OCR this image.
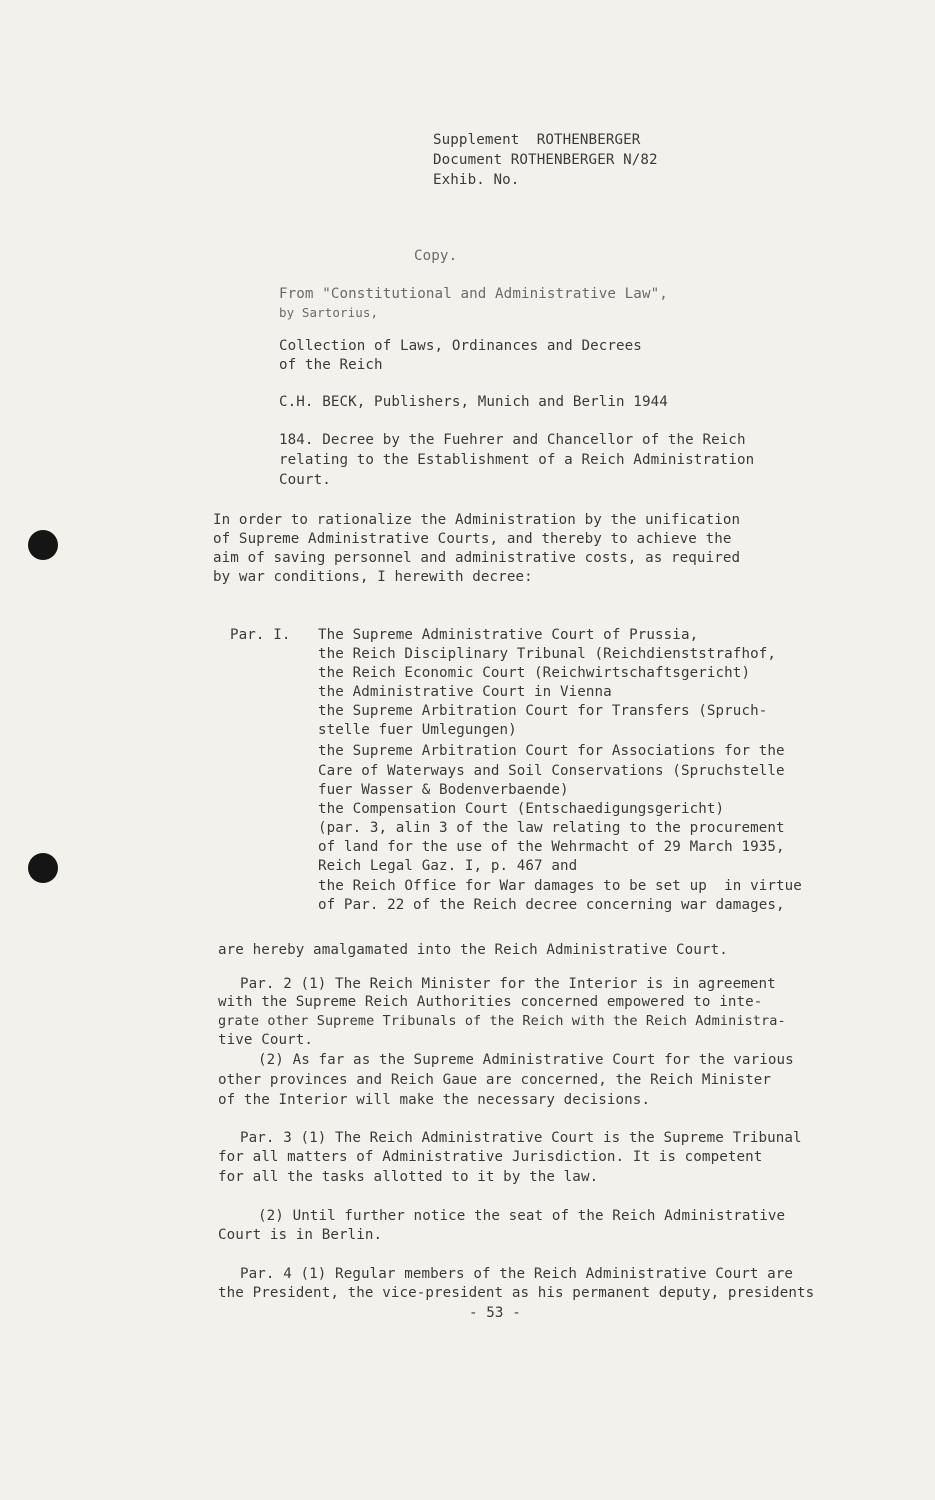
Supplement  ROTHENBERGER
Document ROTHENBERGER N/82
Exhib. No.
Copy.
From "Constitutional and Administrative Law",
by Sartorius,
Collection of Laws, Ordinances and Decrees
of the Reich
C.H. BECK, Publishers, Munich and Berlin 1944
184. Decree by the Fuehrer and Chancellor of the Reich
relating to the Establishment of a Reich Administration
Court.
In order to rationalize the Administration by the unification
of Supreme Administrative Courts, and thereby to achieve the
aim of saving personnel and administrative costs, as required
by war conditions, I herewith decree:
Par. I. The Supreme Administrative Court of Prussia,
the Reich Disciplinary Tribunal (Reichdienststrafhof,
the Reich Economic Court (Reichwirtschaftsgericht)
the Administrative Court in Vienna
the Supreme Arbitration Court for Transfers (Spruch-
stelle fuer Umlegungen)
the Supreme Arbitration Court for Associations for the
Care of Waterways and Soil Conservations (Spruchstelle
fuer Wasser & Bodenverbaende)
the Compensation Court (Entschaedigungsgericht)
(par. 3, alin 3 of the law relating to the procurement
of land for the use of the Wehrmacht of 29 March 1935,
Reich Legal Gaz. I, p. 467 and
the Reich Office for War damages to be set up  in virtue
of Par. 22 of the Reich decree concerning war damages,
are hereby amalgamated into the Reich Administrative Court.
Par. 2 (1) The Reich Minister for the Interior is in agreement
with the Supreme Reich Authorities concerned empowered to inte-
grate other Supreme Tribunals of the Reich with the Reich Administra-
tive Court.
(2) As far as the Supreme Administrative Court for the various
other provinces and Reich Gaue are concerned, the Reich Minister
of the Interior will make the necessary decisions.
Par. 3 (1) The Reich Administrative Court is the Supreme Tribunal
for all matters of Administrative Jurisdiction. It is competent
for all the tasks allotted to it by the law.
(2) Until further notice the seat of the Reich Administrative
Court is in Berlin.
Par. 4 (1) Regular members of the Reich Administrative Court are
the President, the vice-president as his permanent deputy, presidents
- 53 -
